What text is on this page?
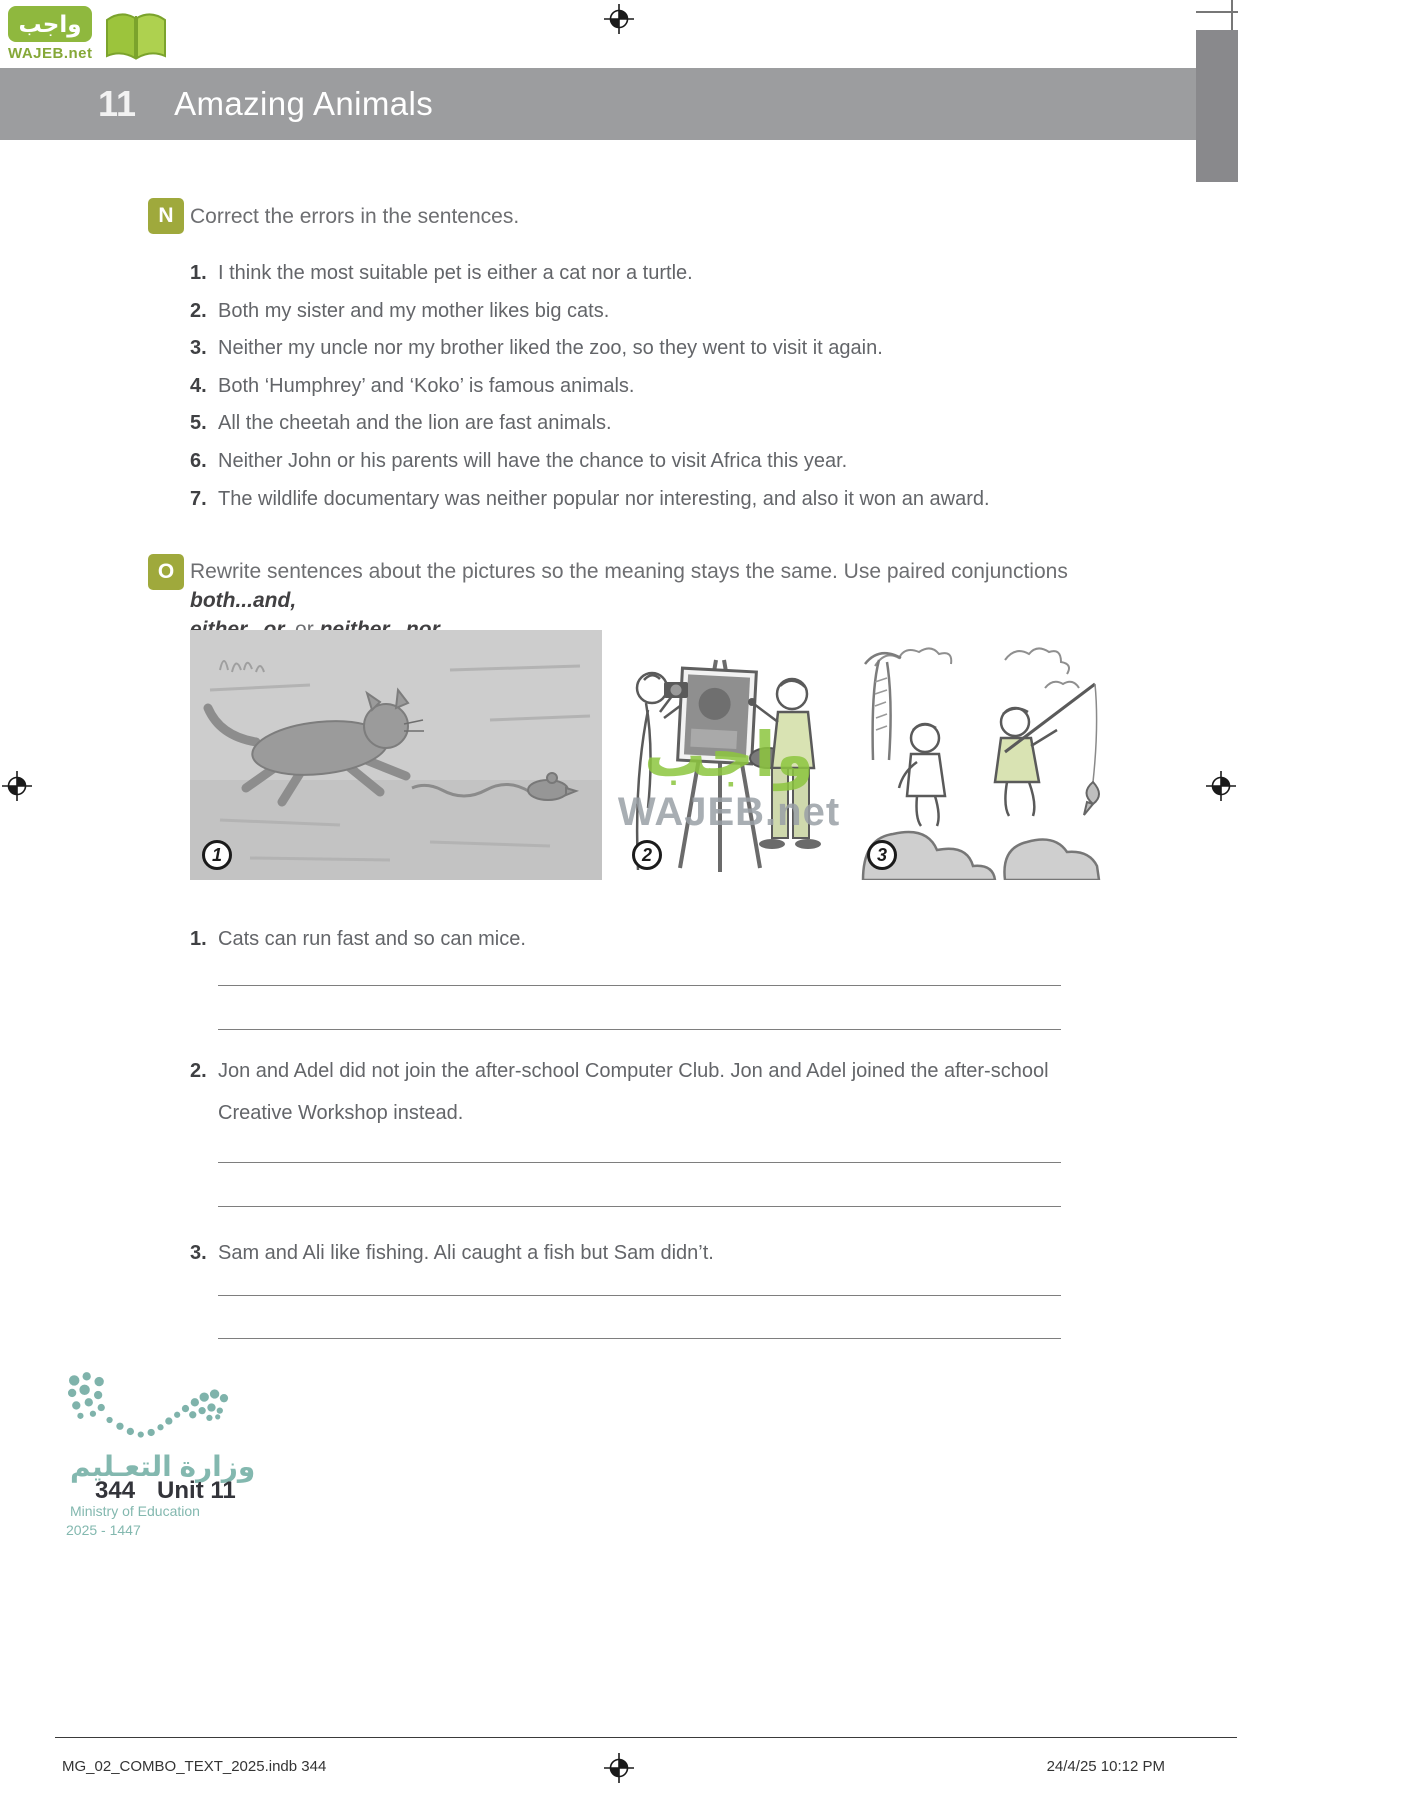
واجب
WAJEB.net
11 Amazing Animals
N Correct the errors in the sentences.
1. I think the most suitable pet is either a cat nor a turtle.
2. Both my sister and my mother likes big cats.
3. Neither my uncle nor my brother liked the zoo, so they went to visit it again.
4. Both ‘Humphrey’ and ‘Koko’ is famous animals.
5. All the cheetah and the lion are fast animals.
6. Neither John or his parents will have the chance to visit Africa this year.
7. The wildlife documentary was neither popular nor interesting, and also it won an award.
O Rewrite sentences about the pictures so the meaning stays the same. Use paired conjunctions both...and,

1	2	3
واجب
WAJEB.net
1. Cats can run fast and so can mice.
2. Jon and Adel did not join the after-school Computer Club. Jon and Adel joined the after-school Creative Workshop instead.
3. Sam and Ali like fishing. Ali caught a fish but Sam didn’t.
وزارة التعـليم
344 Unit 11
Ministry of Education
2025 - 1447
MG_02_COMBO_TEXT_2025.indb 344	24/4/25 10:12 PM
